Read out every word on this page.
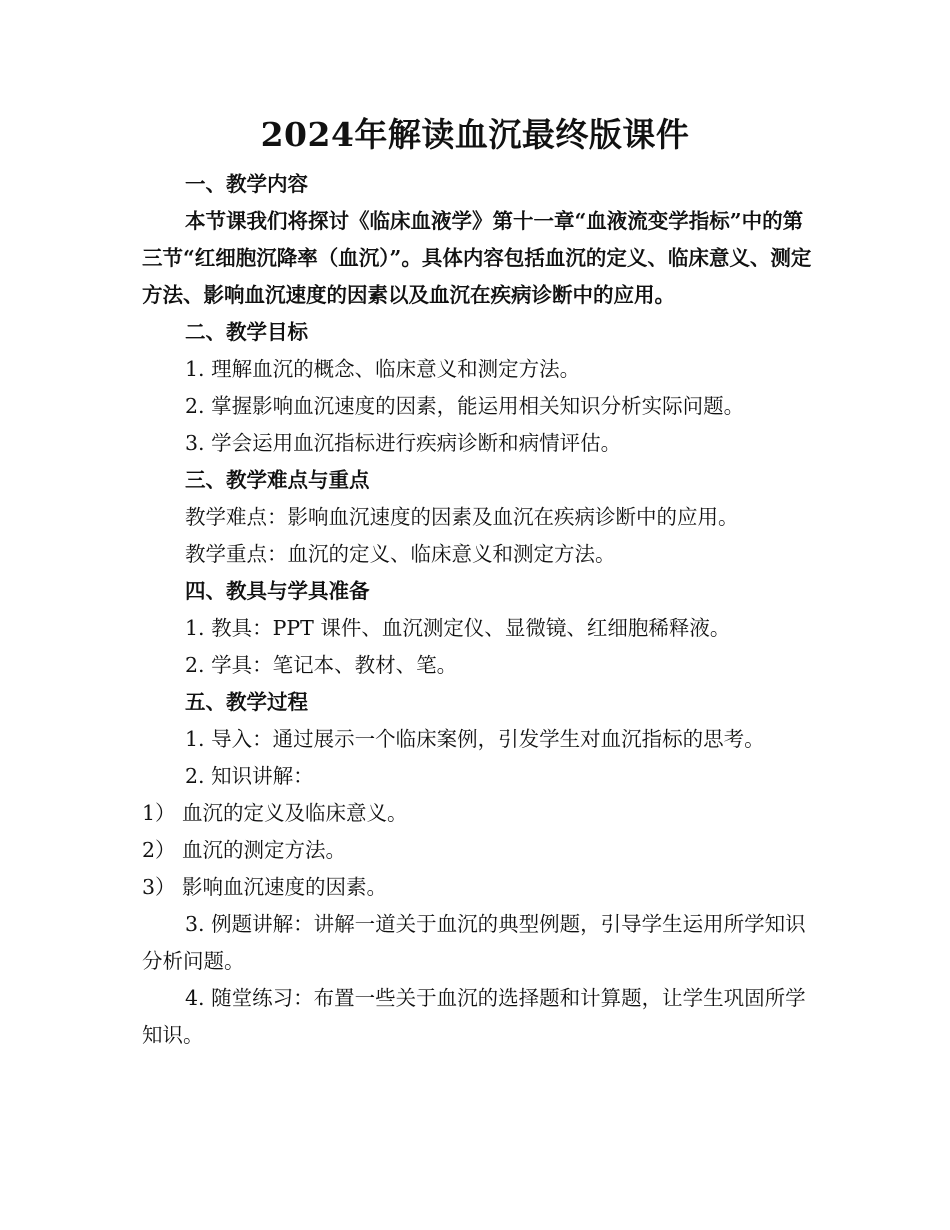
2024年解读血沉最终版课件

一、教学内容

本节课我们将探讨《临床血液学》第十一章“血液流变学指标”中的第三节“红细胞沉降率（血沉）”。具体内容包括血沉的定义、临床意义、测定方法、影响血沉速度的因素以及血沉在疾病诊断中的应用。

二、教学目标

1. 理解血沉的概念、临床意义和测定方法。

2. 掌握影响血沉速度的因素，能运用相关知识分析实际问题。

3. 学会运用血沉指标进行疾病诊断和病情评估。

三、教学难点与重点

教学难点：影响血沉速度的因素及血沉在疾病诊断中的应用。

教学重点：血沉的定义、临床意义和测定方法。

四、教具与学具准备

1. 教具：PPT 课件、血沉测定仪、显微镜、红细胞稀释液。

2. 学具：笔记本、教材、笔。

五、教学过程

1. 导入：通过展示一个临床案例，引发学生对血沉指标的思考。

2. 知识讲解：

1） 血沉的定义及临床意义。

2） 血沉的测定方法。

3） 影响血沉速度的因素。

3. 例题讲解：讲解一道关于血沉的典型例题，引导学生运用所学知识分析问题。

4. 随堂练习：布置一些关于血沉的选择题和计算题，让学生巩固所学知识。
